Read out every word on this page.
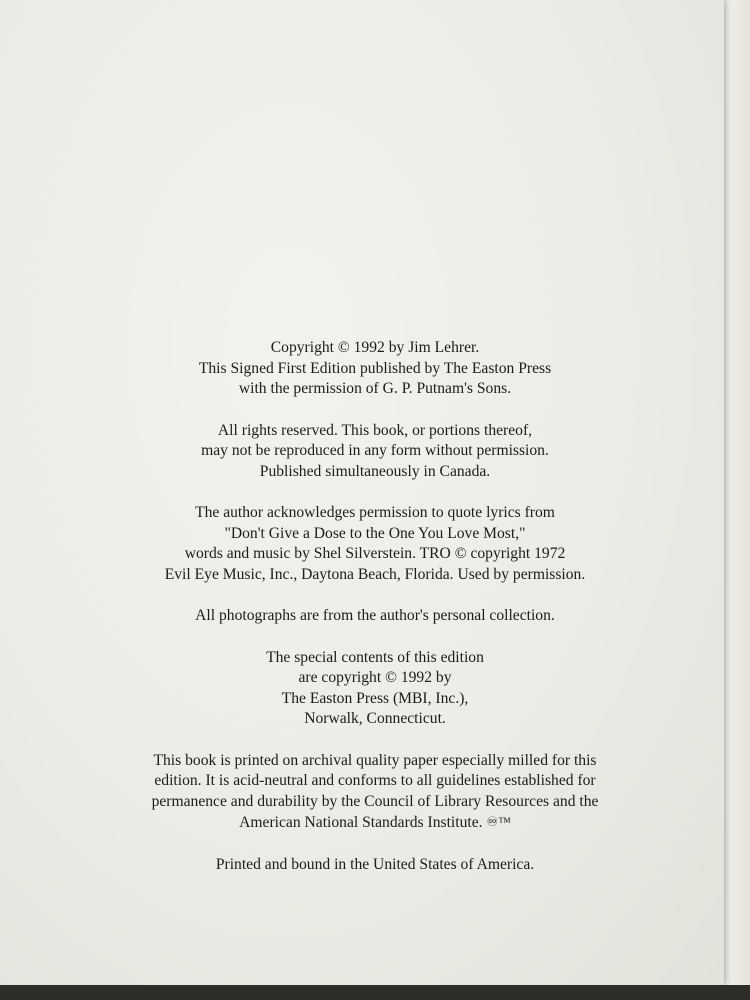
Copyright © 1992 by Jim Lehrer.
This Signed First Edition published by The Easton Press
with the permission of G. P. Putnam's Sons.
All rights reserved. This book, or portions thereof,
may not be reproduced in any form without permission.
Published simultaneously in Canada.
The author acknowledges permission to quote lyrics from
"Don't Give a Dose to the One You Love Most,"
words and music by Shel Silverstein. TRO © copyright 1972
Evil Eye Music, Inc., Daytona Beach, Florida. Used by permission.
All photographs are from the author's personal collection.
The special contents of this edition
are copyright © 1992 by
The Easton Press (MBI, Inc.),
Norwalk, Connecticut.
This book is printed on archival quality paper especially milled for this
edition. It is acid-neutral and conforms to all guidelines established for
permanence and durability by the Council of Library Resources and the
American National Standards Institute. ♾™
Printed and bound in the United States of America.
